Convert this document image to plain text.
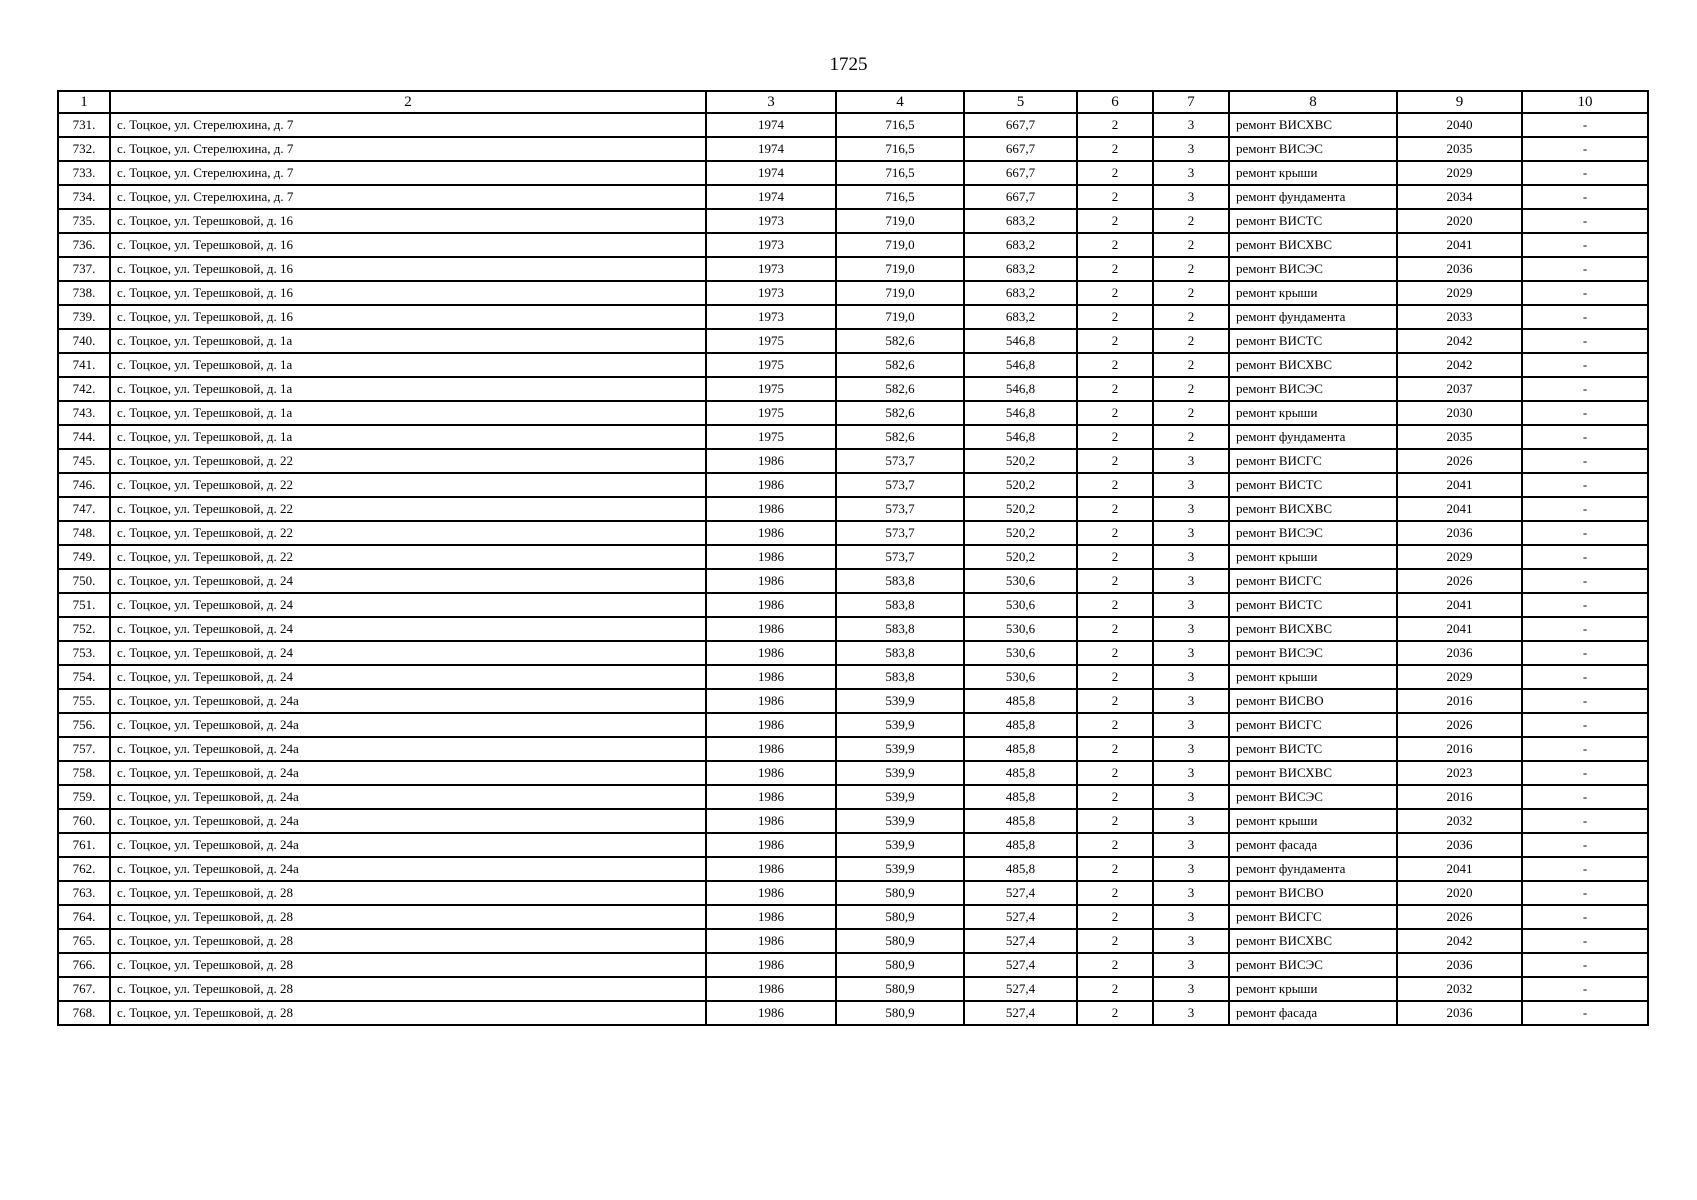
1725
1	2	3	4	5	6	7	8	9	10
731.	с. Тоцкое, ул. Стерелюхина, д. 7	1974	716,5	667,7	2	3	ремонт ВИСХВС	2040	-
732.	с. Тоцкое, ул. Стерелюхина, д. 7	1974	716,5	667,7	2	3	ремонт ВИСЭС	2035	-
733.	с. Тоцкое, ул. Стерелюхина, д. 7	1974	716,5	667,7	2	3	ремонт крыши	2029	-
734.	с. Тоцкое, ул. Стерелюхина, д. 7	1974	716,5	667,7	2	3	ремонт фундамента	2034	-
735.	с. Тоцкое, ул. Терешковой, д. 16	1973	719,0	683,2	2	2	ремонт ВИСТС	2020	-
736.	с. Тоцкое, ул. Терешковой, д. 16	1973	719,0	683,2	2	2	ремонт ВИСХВС	2041	-
737.	с. Тоцкое, ул. Терешковой, д. 16	1973	719,0	683,2	2	2	ремонт ВИСЭС	2036	-
738.	с. Тоцкое, ул. Терешковой, д. 16	1973	719,0	683,2	2	2	ремонт крыши	2029	-
739.	с. Тоцкое, ул. Терешковой, д. 16	1973	719,0	683,2	2	2	ремонт фундамента	2033	-
740.	с. Тоцкое, ул. Терешковой, д. 1а	1975	582,6	546,8	2	2	ремонт ВИСТС	2042	-
741.	с. Тоцкое, ул. Терешковой, д. 1а	1975	582,6	546,8	2	2	ремонт ВИСХВС	2042	-
742.	с. Тоцкое, ул. Терешковой, д. 1а	1975	582,6	546,8	2	2	ремонт ВИСЭС	2037	-
743.	с. Тоцкое, ул. Терешковой, д. 1а	1975	582,6	546,8	2	2	ремонт крыши	2030	-
744.	с. Тоцкое, ул. Терешковой, д. 1а	1975	582,6	546,8	2	2	ремонт фундамента	2035	-
745.	с. Тоцкое, ул. Терешковой, д. 22	1986	573,7	520,2	2	3	ремонт ВИСГС	2026	-
746.	с. Тоцкое, ул. Терешковой, д. 22	1986	573,7	520,2	2	3	ремонт ВИСТС	2041	-
747.	с. Тоцкое, ул. Терешковой, д. 22	1986	573,7	520,2	2	3	ремонт ВИСХВС	2041	-
748.	с. Тоцкое, ул. Терешковой, д. 22	1986	573,7	520,2	2	3	ремонт ВИСЭС	2036	-
749.	с. Тоцкое, ул. Терешковой, д. 22	1986	573,7	520,2	2	3	ремонт крыши	2029	-
750.	с. Тоцкое, ул. Терешковой, д. 24	1986	583,8	530,6	2	3	ремонт ВИСГС	2026	-
751.	с. Тоцкое, ул. Терешковой, д. 24	1986	583,8	530,6	2	3	ремонт ВИСТС	2041	-
752.	с. Тоцкое, ул. Терешковой, д. 24	1986	583,8	530,6	2	3	ремонт ВИСХВС	2041	-
753.	с. Тоцкое, ул. Терешковой, д. 24	1986	583,8	530,6	2	3	ремонт ВИСЭС	2036	-
754.	с. Тоцкое, ул. Терешковой, д. 24	1986	583,8	530,6	2	3	ремонт крыши	2029	-
755.	с. Тоцкое, ул. Терешковой, д. 24а	1986	539,9	485,8	2	3	ремонт ВИСВО	2016	-
756.	с. Тоцкое, ул. Терешковой, д. 24а	1986	539,9	485,8	2	3	ремонт ВИСГС	2026	-
757.	с. Тоцкое, ул. Терешковой, д. 24а	1986	539,9	485,8	2	3	ремонт ВИСТС	2016	-
758.	с. Тоцкое, ул. Терешковой, д. 24а	1986	539,9	485,8	2	3	ремонт ВИСХВС	2023	-
759.	с. Тоцкое, ул. Терешковой, д. 24а	1986	539,9	485,8	2	3	ремонт ВИСЭС	2016	-
760.	с. Тоцкое, ул. Терешковой, д. 24а	1986	539,9	485,8	2	3	ремонт крыши	2032	-
761.	с. Тоцкое, ул. Терешковой, д. 24а	1986	539,9	485,8	2	3	ремонт фасада	2036	-
762.	с. Тоцкое, ул. Терешковой, д. 24а	1986	539,9	485,8	2	3	ремонт фундамента	2041	-
763.	с. Тоцкое, ул. Терешковой, д. 28	1986	580,9	527,4	2	3	ремонт ВИСВО	2020	-
764.	с. Тоцкое, ул. Терешковой, д. 28	1986	580,9	527,4	2	3	ремонт ВИСГС	2026	-
765.	с. Тоцкое, ул. Терешковой, д. 28	1986	580,9	527,4	2	3	ремонт ВИСХВС	2042	-
766.	с. Тоцкое, ул. Терешковой, д. 28	1986	580,9	527,4	2	3	ремонт ВИСЭС	2036	-
767.	с. Тоцкое, ул. Терешковой, д. 28	1986	580,9	527,4	2	3	ремонт крыши	2032	-
768.	с. Тоцкое, ул. Терешковой, д. 28	1986	580,9	527,4	2	3	ремонт фасада	2036	-
